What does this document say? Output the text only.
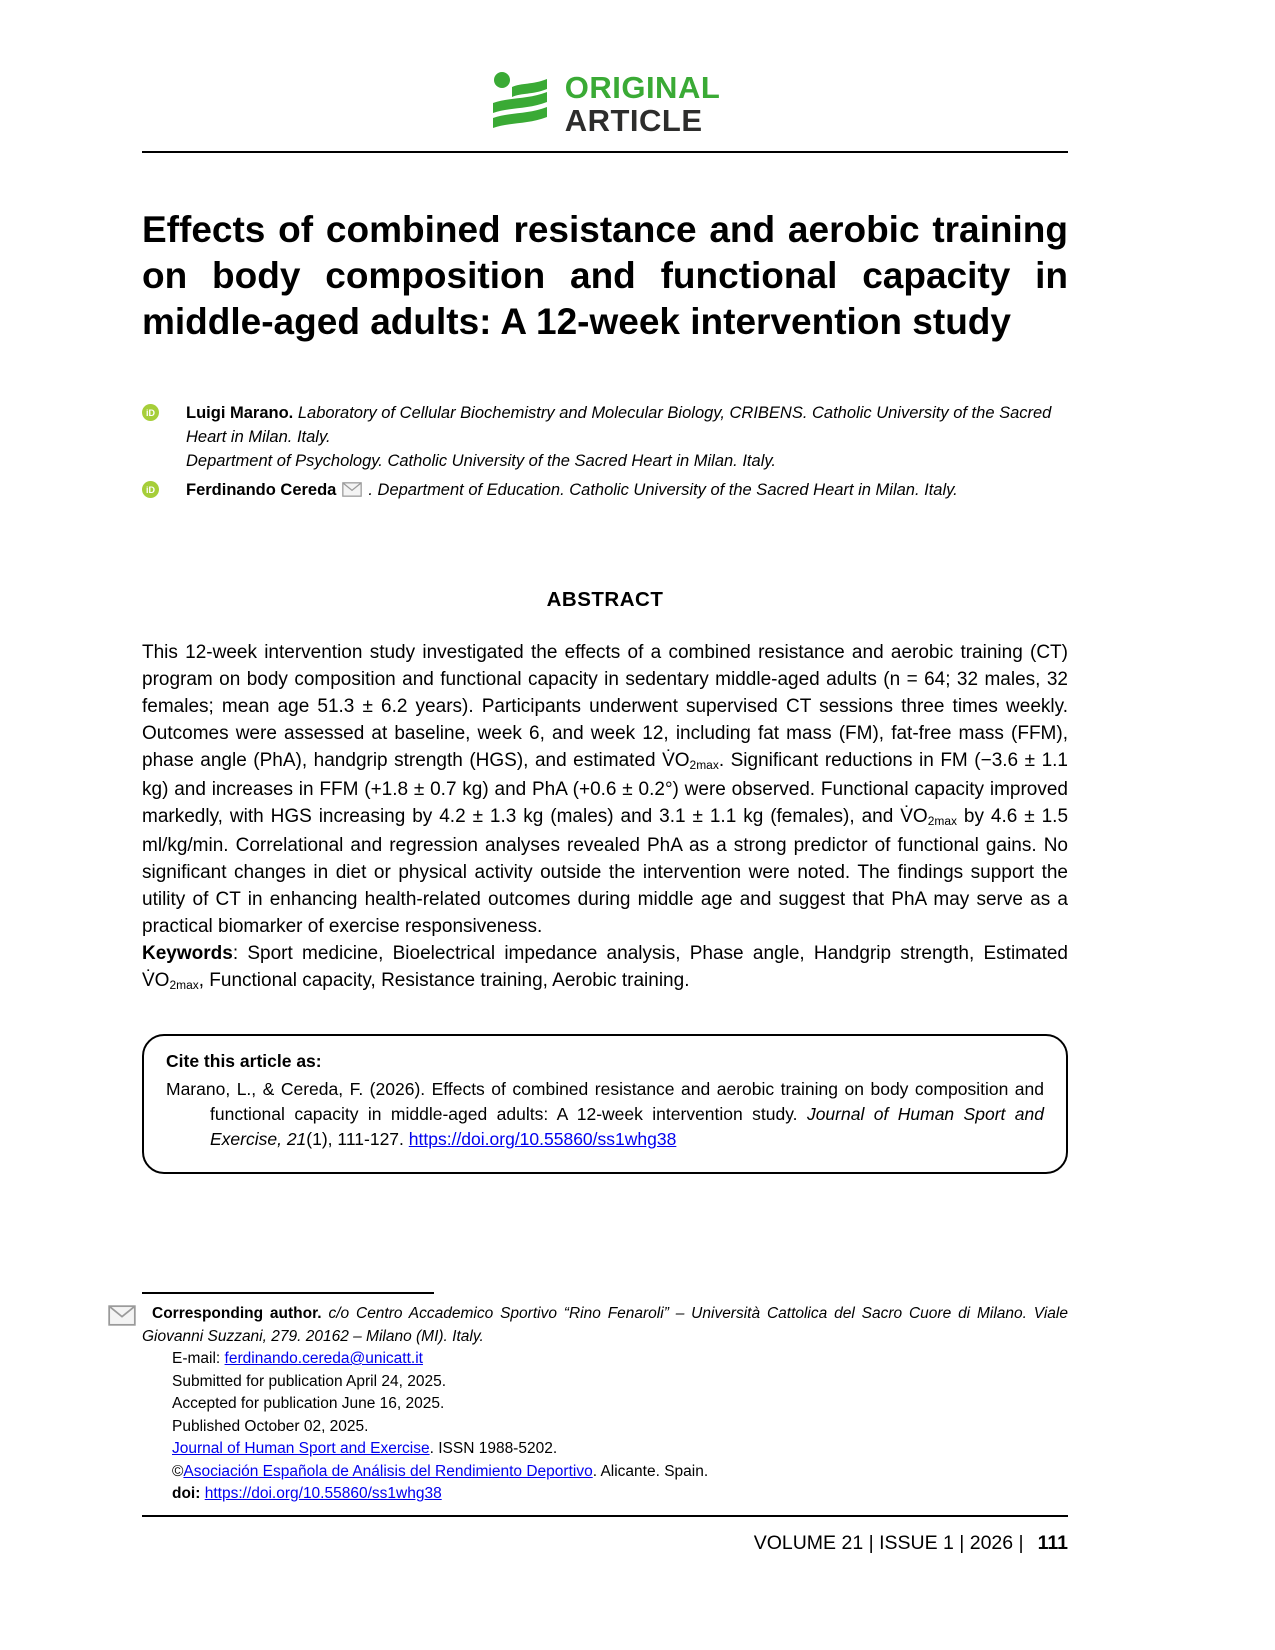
ORIGINAL
ARTICLE
Effects of combined resistance and aerobic training on body composition and functional capacity in middle-aged adults: A 12-week intervention study
iD Luigi Marano. Laboratory of Cellular Biochemistry and Molecular Biology, CRIBENS. Catholic University of the Sacred Heart in Milan. Italy.
Department of Psychology. Catholic University of the Sacred Heart in Milan. Italy.
iD Ferdinando Cereda . Department of Education. Catholic University of the Sacred Heart in Milan. Italy.
ABSTRACT
This 12-week intervention study investigated the effects of a combined resistance and aerobic training (CT) program on body composition and functional capacity in sedentary middle-aged adults (n = 64; 32 males, 32 females; mean age 51.3 ± 6.2 years). Participants underwent supervised CT sessions three times weekly. Outcomes were assessed at baseline, week 6, and week 12, including fat mass (FM), fat-free mass (FFM), phase angle (PhA), handgrip strength (HGS), and estimated V̇O2max. Significant reductions in FM (−3.6 ± 1.1 kg) and increases in FFM (+1.8 ± 0.7 kg) and PhA (+0.6 ± 0.2°) were observed. Functional capacity improved markedly, with HGS increasing by 4.2 ± 1.3 kg (males) and 3.1 ± 1.1 kg (females), and V̇O2max by 4.6 ± 1.5 ml/kg/min. Correlational and regression analyses revealed PhA as a strong predictor of functional gains. No significant changes in diet or physical activity outside the intervention were noted. The findings support the utility of CT in enhancing health-related outcomes during middle age and suggest that PhA may serve as a practical biomarker of exercise responsiveness.
Keywords: Sport medicine, Bioelectrical impedance analysis, Phase angle, Handgrip strength, Estimated V̇O2max, Functional capacity, Resistance training, Aerobic training.
Cite this article as:
Marano, L., & Cereda, F. (2026). Effects of combined resistance and aerobic training on body composition and functional capacity in middle-aged adults: A 12-week intervention study. Journal of Human Sport and Exercise, 21(1), 111-127. https://doi.org/10.55860/ss1whg38
Corresponding author. c/o Centro Accademico Sportivo “Rino Fenaroli” – Università Cattolica del Sacro Cuore di Milano. Viale Giovanni Suzzani, 279. 20162 – Milano (MI). Italy.
E-mail: ferdinando.cereda@unicatt.it
Submitted for publication April 24, 2025.
Accepted for publication June 16, 2025.
Published October 02, 2025.
Journal of Human Sport and Exercise. ISSN 1988-5202.
©Asociación Española de Análisis del Rendimiento Deportivo. Alicante. Spain.
doi: https://doi.org/10.55860/ss1whg38
VOLUME 21 | ISSUE 1 | 2026 | 111
